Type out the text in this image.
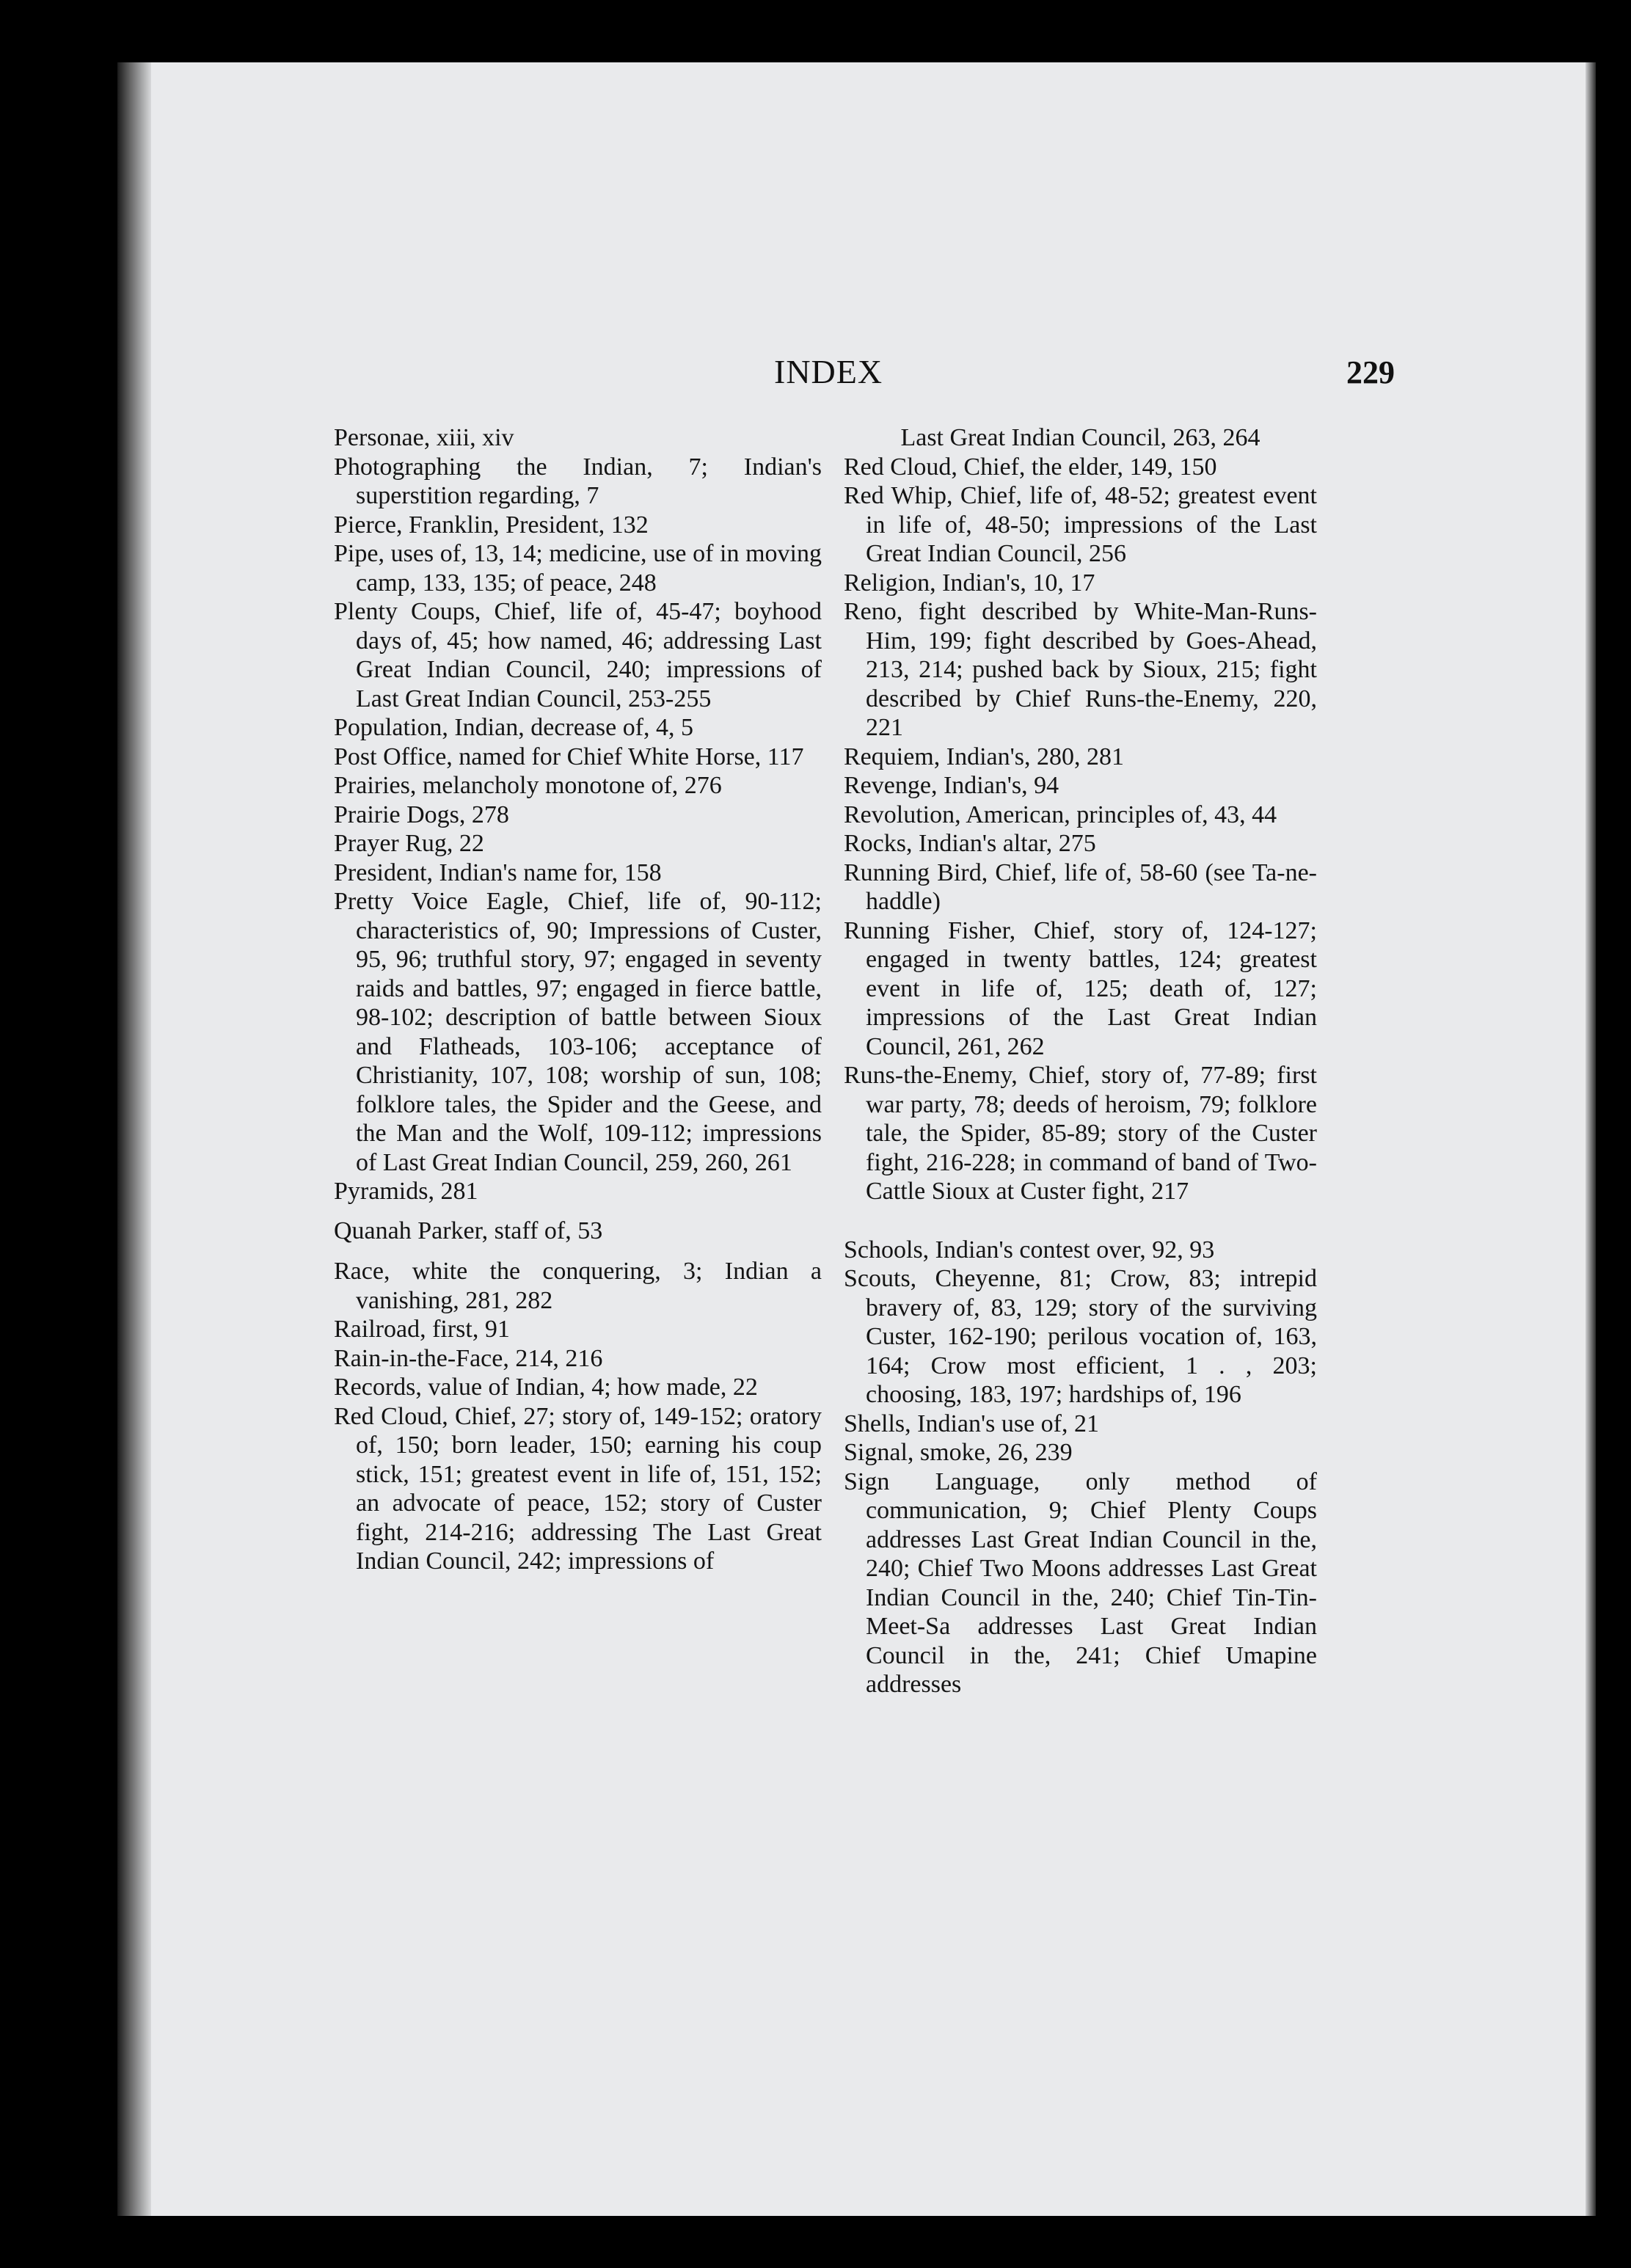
INDEX	229
Personae, xiii, xiv
Photographing the Indian, 7; Indian's superstition regarding, 7
Pierce, Franklin, President, 132
Pipe, uses of, 13, 14; medicine, use of in moving camp, 133, 135; of peace, 248
Plenty Coups, Chief, life of, 45-47; boyhood days of, 45; how named, 46; addressing Last Great Indian Council, 240; impressions of Last Great Indian Council, 253-255
Population, Indian, decrease of, 4, 5
Post Office, named for Chief White Horse, 117
Prairies, melancholy monotone of, 276
Prairie Dogs, 278
Prayer Rug, 22
President, Indian's name for, 158
Pretty Voice Eagle, Chief, life of, 90-112; characteristics of, 90; Impressions of Custer, 95, 96; truthful story, 97; engaged in seventy raids and battles, 97; engaged in fierce battle, 98-102; description of battle between Sioux and Flatheads, 103-106; acceptance of Christianity, 107, 108; worship of sun, 108; folklore tales, the Spider and the Geese, and the Man and the Wolf, 109-112; impressions of Last Great Indian Council, 259, 260, 261
Pyramids, 281
Quanah Parker, staff of, 53
Race, white the conquering, 3; Indian a vanishing, 281, 282
Railroad, first, 91
Rain-in-the-Face, 214, 216
Records, value of Indian, 4; how made, 22
Red Cloud, Chief, 27; story of, 149-152; oratory of, 150; born leader, 150; earning his coup stick, 151; greatest event in life of, 151, 152; an advocate of peace, 152; story of Custer fight, 214-216; addressing The Last Great Indian Council, 242; impressions of
Last Great Indian Council, 263, 264
Red Cloud, Chief, the elder, 149, 150
Red Whip, Chief, life of, 48-52; greatest event in life of, 48-50; impressions of the Last Great Indian Council, 256
Religion, Indian's, 10, 17
Reno, fight described by White-Man-Runs-Him, 199; fight described by Goes-Ahead, 213, 214; pushed back by Sioux, 215; fight described by Chief Runs-the-Enemy, 220, 221
Requiem, Indian's, 280, 281
Revenge, Indian's, 94
Revolution, American, principles of, 43, 44
Rocks, Indian's altar, 275
Running Bird, Chief, life of, 58-60 (see Ta-ne-haddle)
Running Fisher, Chief, story of, 124-127; engaged in twenty battles, 124; greatest event in life of, 125; death of, 127; impressions of the Last Great Indian Council, 261, 262
Runs-the-Enemy, Chief, story of, 77-89; first war party, 78; deeds of heroism, 79; folklore tale, the Spider, 85-89; story of the Custer fight, 216-228; in command of band of Two-Cattle Sioux at Custer fight, 217
Schools, Indian's contest over, 92, 93
Scouts, Cheyenne, 81; Crow, 83; intrepid bravery of, 83, 129; story of the surviving Custer, 162-190; perilous vocation of, 163, 164; Crow most efficient, 1 . , 203; choosing, 183, 197; hardships of, 196
Shells, Indian's use of, 21
Signal, smoke, 26, 239
Sign Language, only method of communication, 9; Chief Plenty Coups addresses Last Great Indian Council in the, 240; Chief Two Moons addresses Last Great Indian Council in the, 240; Chief Tin-Tin-Meet-Sa addresses Last Great Indian Council in the, 241; Chief Umapine addresses
